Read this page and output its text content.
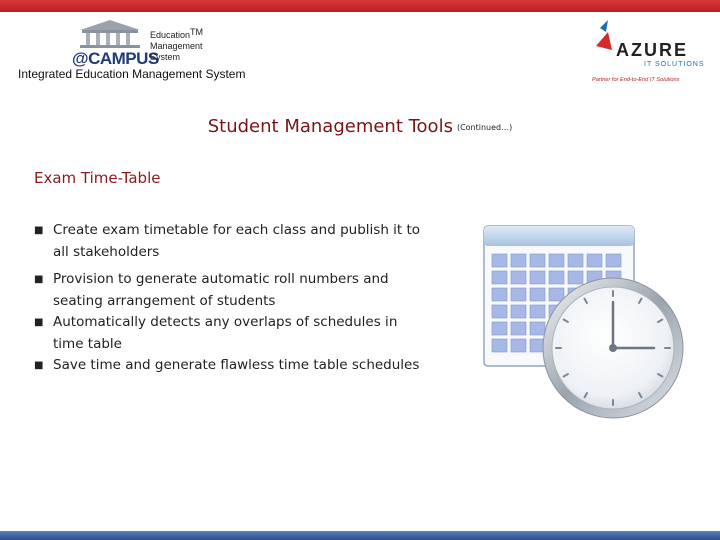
@CAMPUS
Education TM
Management
System
Integrated Education Management System
AZURE
IT SOLUTIONS
Partner for End-to-End IT Solutions
Student Management Tools (Continued…)
Exam Time-Table
■ Create exam timetable for each class and publish it to all stakeholders
■ Provision to generate automatic roll numbers and seating arrangement of students
■ Automatically detects any overlaps of schedules in time table
■ Save time and generate flawless time table schedules
